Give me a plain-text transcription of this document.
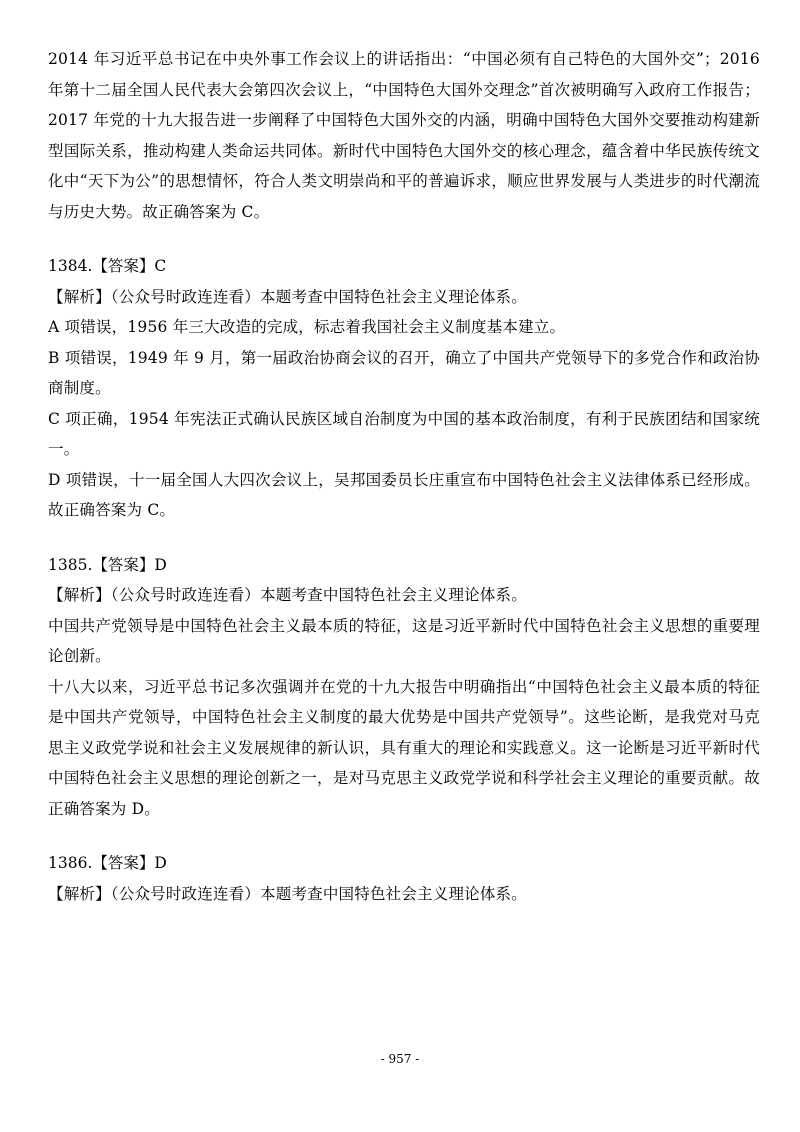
2014 年习近平总书记在中央外事工作会议上的讲话指出：“中国必须有自己特色的大国外交”；2016 年第十二届全国人民代表大会第四次会议上，“中国特色大国外交理念”首次被明确写入政府工作报告；2017 年党的十九大报告进一步阐释了中国特色大国外交的内涵，明确中国特色大国外交要推动构建新型国际关系，推动构建人类命运共同体。新时代中国特色大国外交的核心理念，蕴含着中华民族传统文化中“天下为公”的思想情怀，符合人类文明崇尚和平的普遍诉求，顺应世界发展与人类进步的时代潮流与历史大势。故正确答案为 C。

1384.【答案】C

【解析】（公众号时政连连看）本题考查中国特色社会主义理论体系。

A 项错误，1956 年三大改造的完成，标志着我国社会主义制度基本建立。

B 项错误，1949 年 9 月，第一届政治协商会议的召开，确立了中国共产党领导下的多党合作和政治协商制度。

C 项正确，1954 年宪法正式确认民族区域自治制度为中国的基本政治制度，有利于民族团结和国家统一。

D 项错误，十一届全国人大四次会议上，吴邦国委员长庄重宣布中国特色社会主义法律体系已经形成。故正确答案为 C。

1385.【答案】D

【解析】（公众号时政连连看）本题考查中国特色社会主义理论体系。

中国共产党领导是中国特色社会主义最本质的特征，这是习近平新时代中国特色社会主义思想的重要理论创新。

十八大以来，习近平总书记多次强调并在党的十九大报告中明确指出“中国特色社会主义最本质的特征是中国共产党领导，中国特色社会主义制度的最大优势是中国共产党领导”。这些论断，是我党对马克思主义政党学说和社会主义发展规律的新认识，具有重大的理论和实践意义。这一论断是习近平新时代中国特色社会主义思想的理论创新之一，是对马克思主义政党学说和科学社会主义理论的重要贡献。故正确答案为 D。

1386.【答案】D

【解析】（公众号时政连连看）本题考查中国特色社会主义理论体系。

- 957 -
